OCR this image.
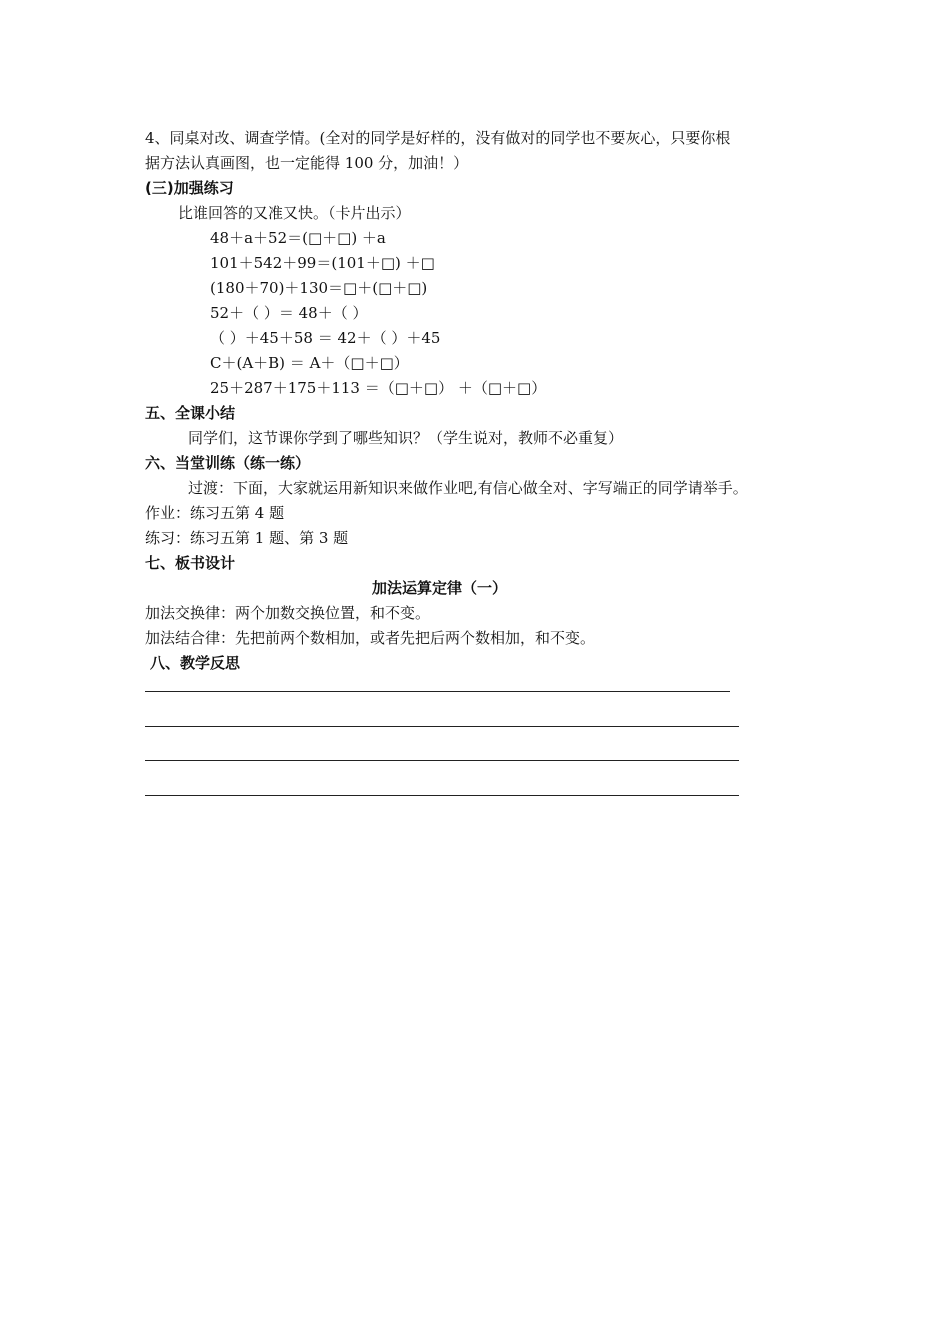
4、同桌对改、调查学情。(全对的同学是好样的，没有做对的同学也不要灰心，只要你根
据方法认真画图，也一定能得 100 分，加油！）
(三)加强练习
比谁回答的又准又快。（卡片出示）
48＋a＋52＝(□＋□) ＋a
101＋542＋99＝(101＋□) ＋□
(180＋70)＋130＝□＋(□＋□)
52＋（ ）＝ 48＋（ ）
（ ）＋45＋58 ＝ 42＋（ ）＋45
C＋(A＋B) ＝ A＋（□＋□）
25＋287＋175＋113 ＝（□＋□） ＋（□＋□）
五、全课小结
同学们，这节课你学到了哪些知识？（学生说对，教师不必重复）
六、当堂训练（练一练）
过渡：下面，大家就运用新知识来做作业吧,有信心做全对、字写端正的同学请举手。
作业：练习五第 4 题
练习：练习五第 1 题、第 3 题
七、板书设计
加法运算定律（一）
加法交换律：两个加数交换位置，和不变。
加法结合律：先把前两个数相加，或者先把后两个数相加，和不变。
八、教学反思
